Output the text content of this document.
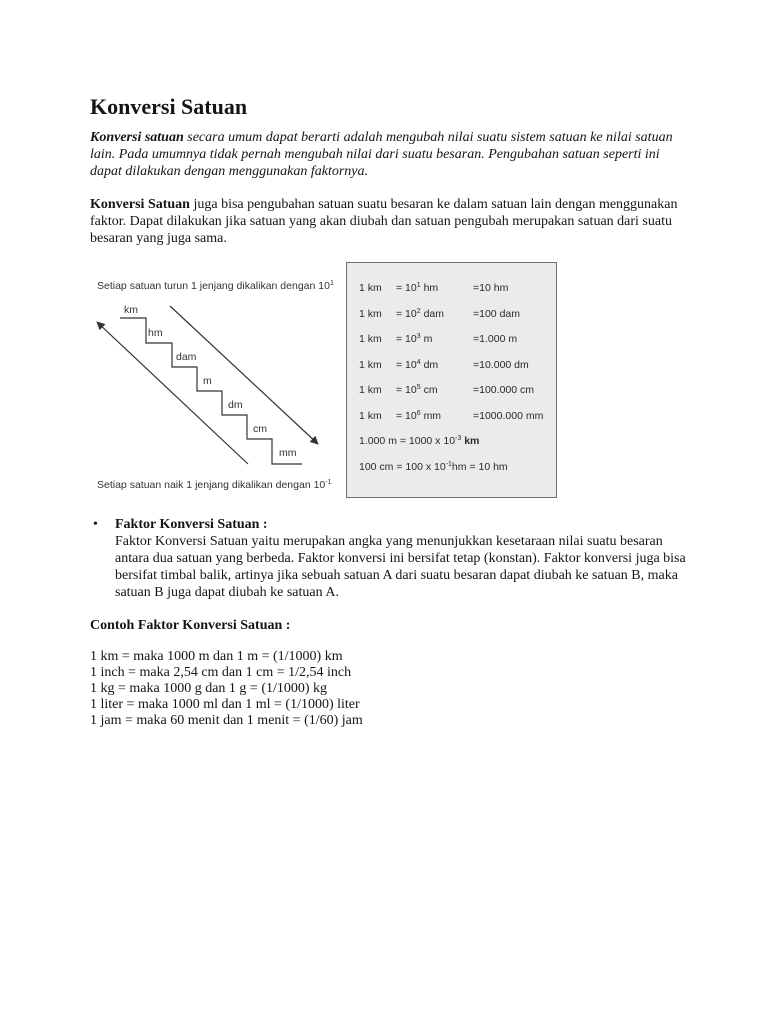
Konversi Satuan
Konversi satuan secara umum dapat berarti adalah mengubah nilai suatu sistem satuan ke nilai satuan
lain. Pada umumnya tidak pernah mengubah nilai dari suatu besaran. Pengubahan satuan seperti ini
dapat dilakukan dengan menggunakan faktornya.
Konversi Satuan juga bisa pengubahan satuan suatu besaran ke dalam satuan lain dengan menggunakan
faktor. Dapat dilakukan jika satuan yang akan diubah dan satuan pengubah merupakan satuan dari suatu
besaran yang juga sama.
Setiap satuan turun 1 jenjang dikalikan dengan $10^1$
km
hm
dam
m
dm
cm
mm
Setiap satuan naik 1 jenjang dikalikan dengan $10^{-1}$
1 km = $10^1$ hm	=10 hm
1 km = $10^2$ dam	=100 dam
1 km = $10^3$ m	=1.000 m
1 km = $10^4$ dm	=10.000 dm
1 km = $10^5$ cm	=100.000 cm
1 km = $10^6$ mm	=1000.000 mm
1.000 m = 1000 x $10^{-3}$ km
100 cm = 100 x $10^{-1}hm = 10$ hm
• Faktor Konversi Satuan :
Faktor Konversi Satuan yaitu merupakan angka yang menunjukkan kesetaraan nilai suatu besaran
antara dua satuan yang berbeda. Faktor konversi ini bersifat tetap (konstan). Faktor konversi juga bisa
bersifat timbal balik, artinya jika sebuah satuan A dari suatu besaran dapat diubah ke satuan B, maka
satuan B juga dapat diubah ke satuan A.
Contoh Faktor Konversi Satuan :
1 km = maka 1000 m dan 1 m = (1/1000) km
1 inch = maka 2,54 cm dan 1 cm = 1/2,54 inch
1 kg = maka 1000 g dan 1 g = (1/1000) kg
1 liter = maka 1000 ml dan 1 ml = (1/1000) liter
1 jam = maka 60 menit dan 1 menit = (1/60) jam
